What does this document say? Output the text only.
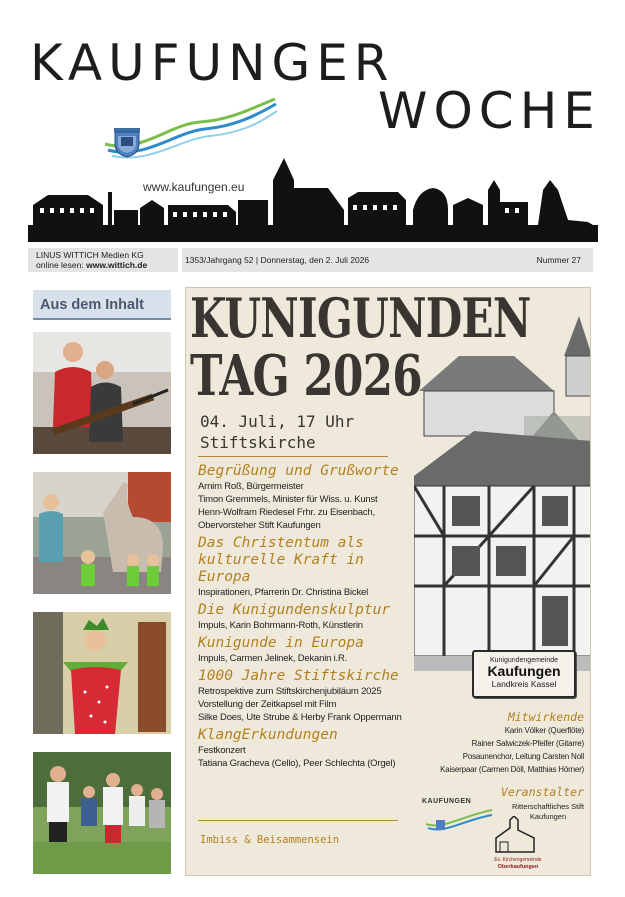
KAUFUNGER
WOCHE
www.kaufungen.eu
LINUS WITTICH Medien KG
online lesen: www.wittich.de	1353/Jahrgang 52 | Donnerstag, den 2. Juli 2026	Nummer 27
Aus dem Inhalt KUNIGUNDEN
TAG 2026
04. Juli, 17 Uhr
Stiftskirche
Begrüßung und Grußworte
Arnim Roß, Bürgermeister
Timon Gremmels, Minister für Wiss. u. Kunst
Henn-Wolfram Riedesel Frhr. zu Eisenbach,
Obervorsteher Stift Kaufungen
Das Christentum als
kulturelle Kraft in
Europa
Inspirationen, Pfarrerin Dr. Christina Bickel
Die Kunigundenskulptur
Impuls, Karin Bohrmann-Roth, Künstlerin
Kunigunde in Europa
Impuls, Carmen Jelinek, Dekanin i.R.
1000 Jahre Stiftskirche
Retrospektive zum Stiftskirchenjubiläum 2025
Vorstellung der Zeitkapsel mit Film
Silke Does, Ute Strube & Herby Frank Oppermann
KlangErkundungen
Festkonzert
Tatiana Gracheva (Cello), Peer Schlechta (Orgel)
Imbiss & Beisammensein
Kunigundengemeinde
Kaufungen
Landkreis Kassel
Mitwirkende
Karin Völker (Querflöte)
Rainer Salwiczek-Pfeifer (Gitarre)
Posaunenchor, Leitung Carsten Noll
Kaiserpaar (Carmen Döll, Matthias Hörner)
Veranstalter
KAUFUNGEN
Ritterschaftliches Stift
Kaufungen
Ev. Kirchengemeinde
Oberkaufungen
